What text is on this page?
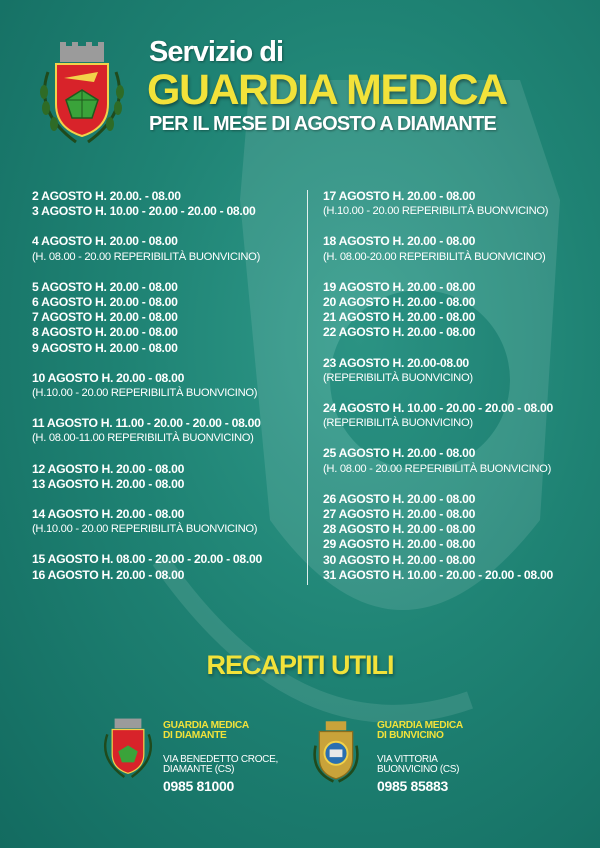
Servizio di
GUARDIA MEDICA
PER IL MESE DI AGOSTO A DIAMANTE
2 AGOSTO H. 20.00. - 08.00
3 AGOSTO H. 10.00 - 20.00 - 20.00 - 08.00
4 AGOSTO H. 20.00 - 08.00
(H. 08.00 - 20.00 REPERIBILITÀ BUONVICINO)
5 AGOSTO H. 20.00 - 08.00
6 AGOSTO H. 20.00 - 08.00
7 AGOSTO H. 20.00 - 08.00
8 AGOSTO H. 20.00 - 08.00
9 AGOSTO H. 20.00 - 08.00
10 AGOSTO H. 20.00 - 08.00
(H.10.00 - 20.00 REPERIBILITÀ BUONVICINO)
11 AGOSTO H. 11.00 - 20.00 - 20.00 - 08.00
(H. 08.00-11.00 REPERIBILITÀ BUONVICINO)
12 AGOSTO H. 20.00 - 08.00
13 AGOSTO H. 20.00 - 08.00
14 AGOSTO H. 20.00 - 08.00
(H.10.00 - 20.00 REPERIBILITÀ BUONVICINO)
15 AGOSTO H. 08.00 - 20.00 - 20.00 - 08.00
16 AGOSTO H. 20.00 - 08.00
17 AGOSTO H. 20.00 - 08.00
(H.10.00 - 20.00 REPERIBILITÀ BUONVICINO)
18 AGOSTO H. 20.00 - 08.00
(H. 08.00-20.00 REPERIBILITÀ BUONVICINO)
19 AGOSTO H. 20.00 - 08.00
20 AGOSTO H. 20.00 - 08.00
21 AGOSTO H. 20.00 - 08.00
22 AGOSTO H. 20.00 - 08.00
23 AGOSTO H. 20.00-08.00
(REPERIBILITÀ BUONVICINO)
24 AGOSTO H. 10.00 - 20.00 - 20.00 - 08.00
(REPERIBILITÀ BUONVICINO)
25 AGOSTO H. 20.00 - 08.00
(H. 08.00 - 20.00 REPERIBILITÀ BUONVICINO)
26 AGOSTO H. 20.00 - 08.00
27 AGOSTO H. 20.00 - 08.00
28 AGOSTO H. 20.00 - 08.00
29 AGOSTO H. 20.00 - 08.00
30 AGOSTO H. 20.00 - 08.00
31 AGOSTO H. 10.00 - 20.00 - 20.00 - 08.00
RECAPITI UTILI
GUARDIA MEDICA
DI DIAMANTE
VIA BENEDETTO CROCE,
DIAMANTE (CS)
0985 81000
GUARDIA MEDICA
DI BUNVICINO
VIA VITTORIA
BUONVICINO (CS)
0985 85883
